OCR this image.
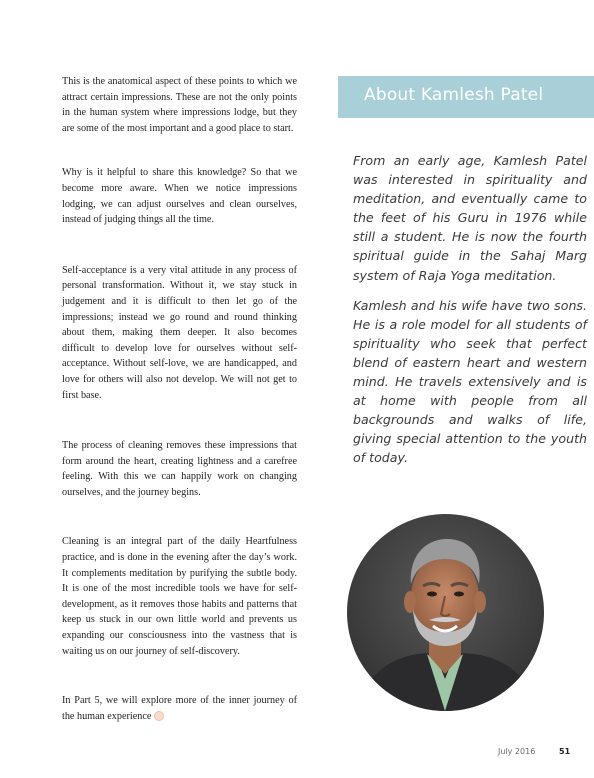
This is the anatomical aspect of these points to which we attract certain impressions. These are not the only points in the human system where impressions lodge, but they are some of the most important and a good place to start.

Why is it helpful to share this knowledge? So that we become more aware. When we notice impressions lodging, we can adjust ourselves and clean ourselves, instead of judging things all the time.

Self-acceptance is a very vital attitude in any process of personal transformation. Without it, we stay stuck in judgement and it is difficult to then let go of the impressions; instead we go round and round thinking about them, making them deeper. It also becomes difficult to develop love for ourselves without self-acceptance. Without self-love, we are handicapped, and love for others will also not develop. We will not get to first base.

The process of cleaning removes these impressions that form around the heart, creating lightness and a carefree feeling. With this we can happily work on changing ourselves, and the journey begins.

Cleaning is an integral part of the daily Heartfulness practice, and is done in the evening after the day’s work. It complements meditation by purifying the subtle body. It is one of the most incredible tools we have for self-development, as it removes those habits and patterns that keep us stuck in our own little world and prevents us expanding our consciousness into the vastness that is waiting us on our journey of self-discovery.

In Part 5, we will explore more of the inner journey of the human experience

About Kamlesh Patel

From an early age, Kamlesh Patel was interested in spirituality and meditation, and eventually came to the feet of his Guru in 1976 while still a student. He is now the fourth spiritual guide in the Sahaj Marg system of Raja Yoga meditation.

Kamlesh and his wife have two sons. He is a role model for all students of spirituality who seek that perfect blend of eastern heart and western mind. He travels extensively and is at home with people from all backgrounds and walks of life, giving special attention to the youth of today.

July 2016	51
